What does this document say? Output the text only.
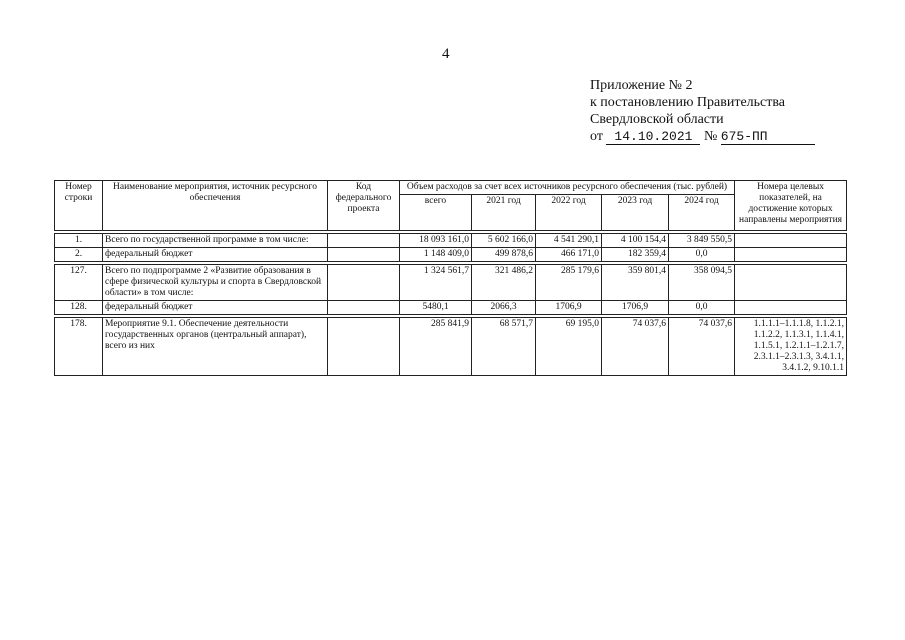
4
Приложение № 2
к постановлению Правительства
Свердловской области
от 14.10.2021 № 675-ПП
Номер строки	Наименование мероприятия, источник ресурсного обеспечения	Код федерального проекта	Объем расходов за счет всех источников ресурсного обеспечения (тыс. рублей)					Номера целевых показателей, на достижение которых направлены мероприятия
			всего	2021 год	2022 год	2023 год	2024 год	

1.	Всего по государственной программе в том числе:		18 093 161,0	5 602 166,0	4 541 290,1	4 100 154,4	3 849 550,5	
2.	федеральный бюджет		1 148 409,0	499 878,6	466 171,0	182 359,4	0,0	

127.	Всего по подпрограмме 2 «Развитие образования в сфере физической культуры и спорта в Свердловской области» в том числе:		1 324 561,7	321 486,2	285 179,6	359 801,4	358 094,5	
128.	федеральный бюджет		5480,1	2066,3	1706,9	1706,9	0,0	

178.	Мероприятие 9.1. Обеспечение деятельности государственных органов (центральный аппарат), всего из них		285 841,9	68 571,7	69 195,0	74 037,6	74 037,6	1.1.1.1–1.1.1.8, 1.1.2.1, 1.1.2.2, 1.1.3.1, 1.1.4.1, 1.1.5.1, 1.2.1.1–1.2.1.7, 2.3.1.1–2.3.1.3, 3.4.1.1, 3.4.1.2, 9.10.1.1
